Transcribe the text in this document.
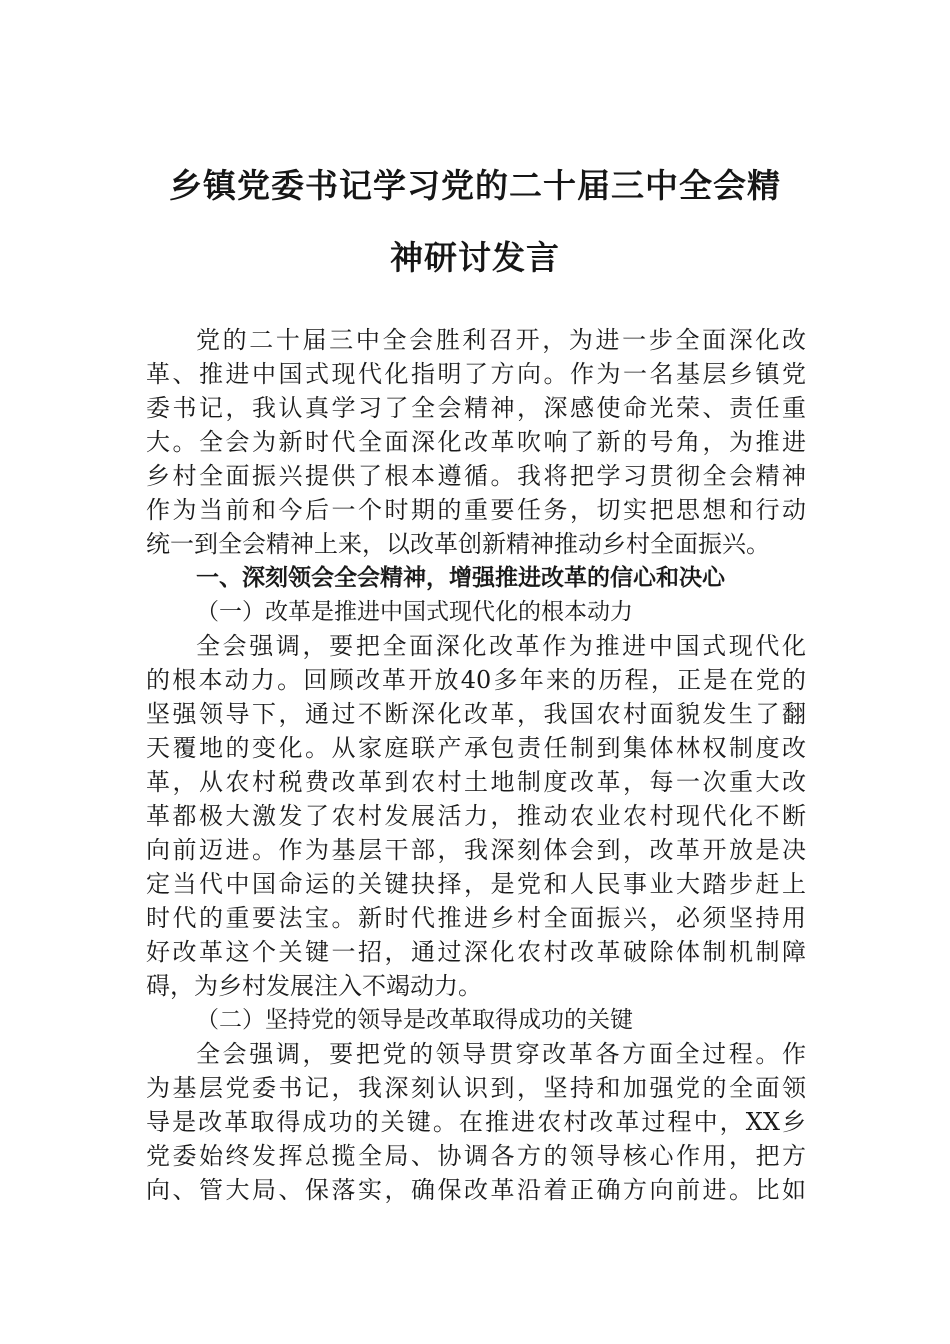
乡镇党委书记学习党的二十届三中全会精
神研讨发言
党的二十届三中全会胜利召开，为进一步全面深化改
革、推进中国式现代化指明了方向。作为一名基层乡镇党
委书记，我认真学习了全会精神，深感使命光荣、责任重
大。全会为新时代全面深化改革吹响了新的号角，为推进
乡村全面振兴提供了根本遵循。我将把学习贯彻全会精神
作为当前和今后一个时期的重要任务，切实把思想和行动
统一到全会精神上来，以改革创新精神推动乡村全面振兴。
一、深刻领会全会精神，增强推进改革的信心和决心
（一）改革是推进中国式现代化的根本动力
全会强调，要把全面深化改革作为推进中国式现代化
的根本动力。回顾改革开放40多年来的历程，正是在党的
坚强领导下，通过不断深化改革，我国农村面貌发生了翻
天覆地的变化。从家庭联产承包责任制到集体林权制度改
革，从农村税费改革到农村土地制度改革，每一次重大改
革都极大激发了农村发展活力，推动农业农村现代化不断
向前迈进。作为基层干部，我深刻体会到，改革开放是决
定当代中国命运的关键抉择，是党和人民事业大踏步赶上
时代的重要法宝。新时代推进乡村全面振兴，必须坚持用
好改革这个关键一招，通过深化农村改革破除体制机制障
碍，为乡村发展注入不竭动力。
（二）坚持党的领导是改革取得成功的关键
全会强调，要把党的领导贯穿改革各方面全过程。作
为基层党委书记，我深刻认识到，坚持和加强党的全面领
导是改革取得成功的关键。在推进农村改革过程中，XX乡
党委始终发挥总揽全局、协调各方的领导核心作用，把方
向、管大局、保落实，确保改革沿着正确方向前进。比如
